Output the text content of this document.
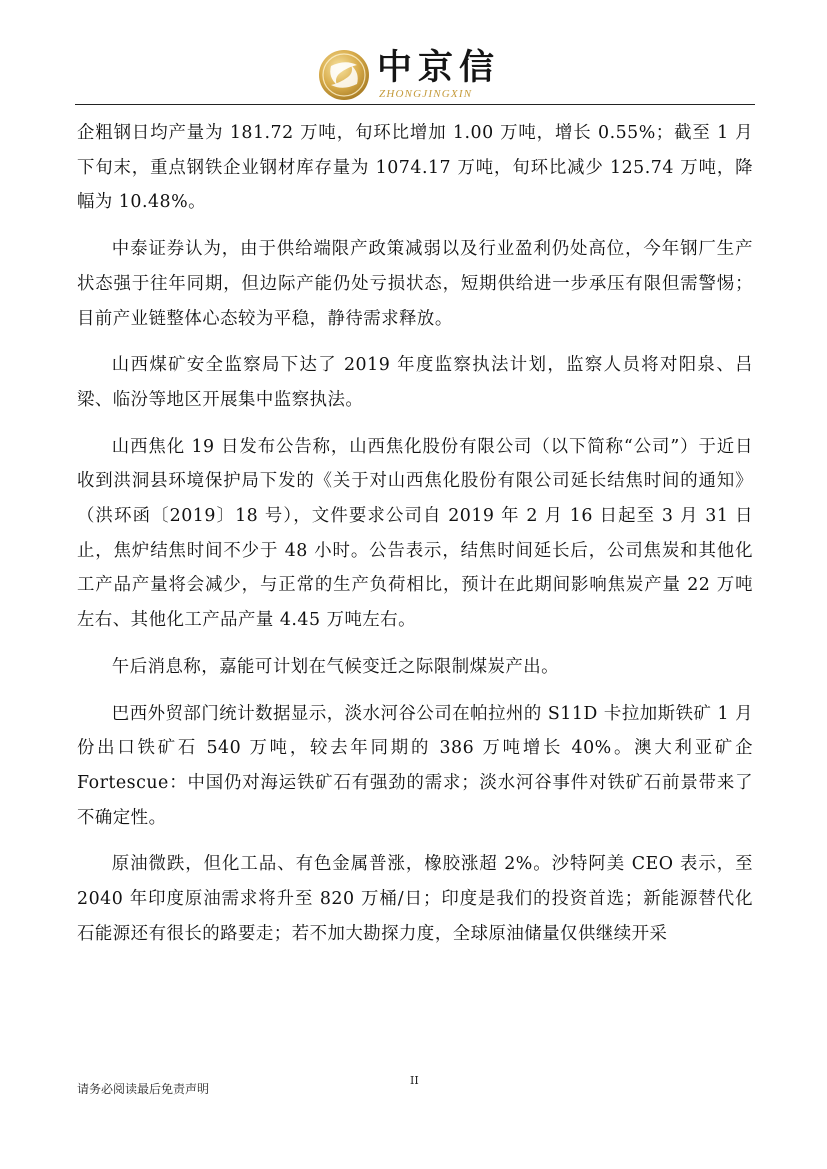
中京信
ZHONGJINGXIN

企粗钢日均产量为 181.72 万吨，旬环比增加 1.00 万吨，增长 0.55%；截至 1 月下旬末，重点钢铁企业钢材库存量为 1074.17 万吨，旬环比减少 125.74 万吨，降幅为 10.48%。

中泰证券认为，由于供给端限产政策减弱以及行业盈利仍处高位，今年钢厂生产状态强于往年同期，但边际产能仍处亏损状态，短期供给进一步承压有限但需警惕；目前产业链整体心态较为平稳，静待需求释放。

山西煤矿安全监察局下达了 2019 年度监察执法计划，监察人员将对阳泉、吕梁、临汾等地区开展集中监察执法。

山西焦化 19 日发布公告称，山西焦化股份有限公司（以下简称“公司”）于近日收到洪洞县环境保护局下发的《关于对山西焦化股份有限公司延长结焦时间的通知》（洪环函〔2019〕18 号），文件要求公司自 2019 年 2 月 16 日起至 3 月 31 日止，焦炉结焦时间不少于 48 小时。公告表示，结焦时间延长后，公司焦炭和其他化工产品产量将会减少，与正常的生产负荷相比，预计在此期间影响焦炭产量 22 万吨左右、其他化工产品产量 4.45 万吨左右。

午后消息称，嘉能可计划在气候变迁之际限制煤炭产出。

巴西外贸部门统计数据显示，淡水河谷公司在帕拉州的 S11D 卡拉加斯铁矿 1 月份出口铁矿石 540 万吨，较去年同期的 386 万吨增长 40%。澳大利亚矿企 Fortescue：中国仍对海运铁矿石有强劲的需求；淡水河谷事件对铁矿石前景带来了不确定性。

原油微跌，但化工品、有色金属普涨，橡胶涨超 2%。沙特阿美 CEO 表示，至 2040 年印度原油需求将升至 820 万桶/日；印度是我们的投资首选；新能源替代化石能源还有很长的路要走；若不加大勘探力度，全球原油储量仅供继续开采

请务必阅读最后免责声明
II
